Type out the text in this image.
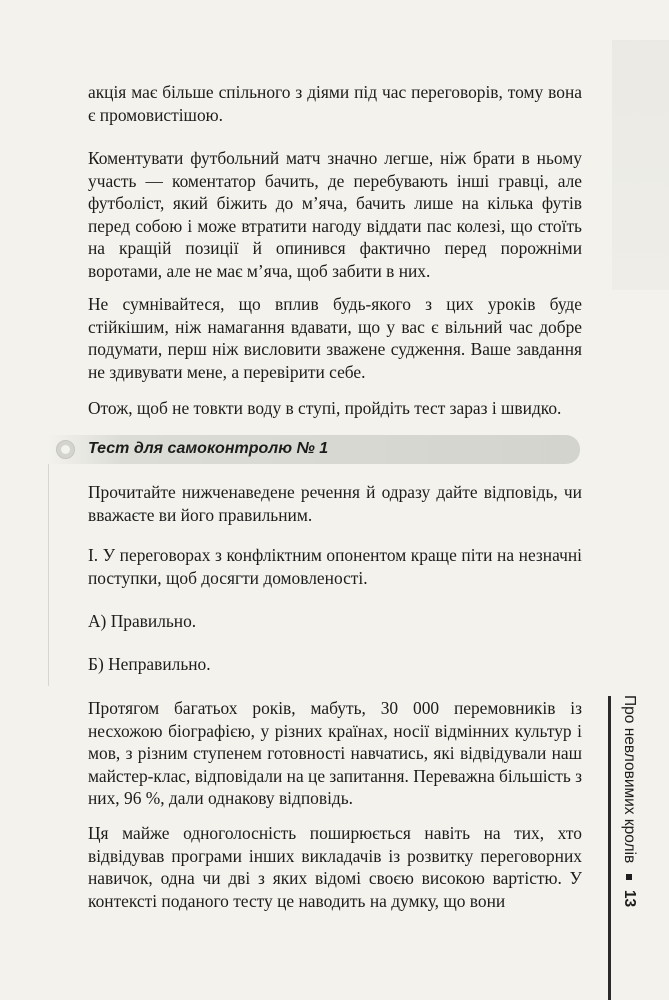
акція має більше спільного з діями під час переговорів, тому вона є промовистішою.

Коментувати футбольний матч значно легше, ніж брати в ньому участь — коментатор бачить, де перебувають інші гравці, але футболіст, який біжить до м’яча, бачить лише на кілька футів перед собою і може втратити нагоду віддати пас колезі, що стоїть на кращій позиції й опинився фактично перед порожніми воротами, але не має м’яча, щоб забити в них.

Не сумнівайтеся, що вплив будь-якого з цих уроків буде стійкішим, ніж намагання вдавати, що у вас є вільний час добре подумати, перш ніж висловити зважене судження. Ваше завдання не здивувати мене, а перевірити себе.

Отож, щоб не товкти воду в ступі, пройдіть тест зараз і швидко.

Тест для самоконтролю № 1

Прочитайте нижченаведене речення й одразу дайте відповідь, чи вважаєте ви його правильним.

I. У переговорах з конфліктним опонентом краще піти на незначні поступки, щоб досягти домовленості.

А) Правильно.

Б) Неправильно.

Протягом багатьох років, мабуть, 30 000 перемовників із несхожою біографією, у різних країнах, носії відмінних культур і мов, з різним ступенем готовності навчатись, які відвідували наш майстер-клас, відповідали на це запитання. Переважна більшість з них, 96 %, дали однакову відповідь.

Ця майже одноголосність поширюється навіть на тих, хто відвідував програми інших викладачів із розвитку переговорних навичок, одна чи дві з яких відомі своєю високою вартістю. У контексті поданого тесту це наводить на думку, що вони

Про невловимих кролів  13
